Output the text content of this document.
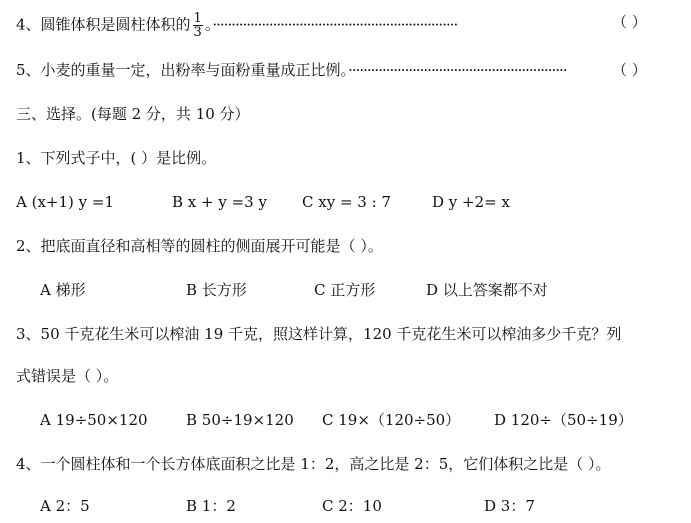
4、圆锥体积是圆柱体积的 $\frac{1}{3}$ 。·································································	（ ）
5、小麦的重量一定，出粉率与面粉重量成正比例。··························································	（ ）
三、选择。(每题 2 分，共 10 分）
1、下列式子中，( ）是比例。
A (x+1) y =1	B x + y =3 y C xy = 3 : 7	D y +2= x
2、把底面直径和高相等的圆柱的侧面展开可能是（ ）。
A 梯形	B 长方形	C 正方形	D 以上答案都不对
3、50 千克花生米可以榨油 19 千克，照这样计算，120 千克花生米可以榨油多少千克？列
式错误是（ ）。
A 19÷50×120	B 50÷19×120 C 19×（120÷50） D 120÷（50÷19）
4、一个圆柱体和一个长方体底面积之比是 1：2，高之比是 2：5，它们体积之比是（ ）。
A 2：5	B 1：2	C 2：10	D 3：7
